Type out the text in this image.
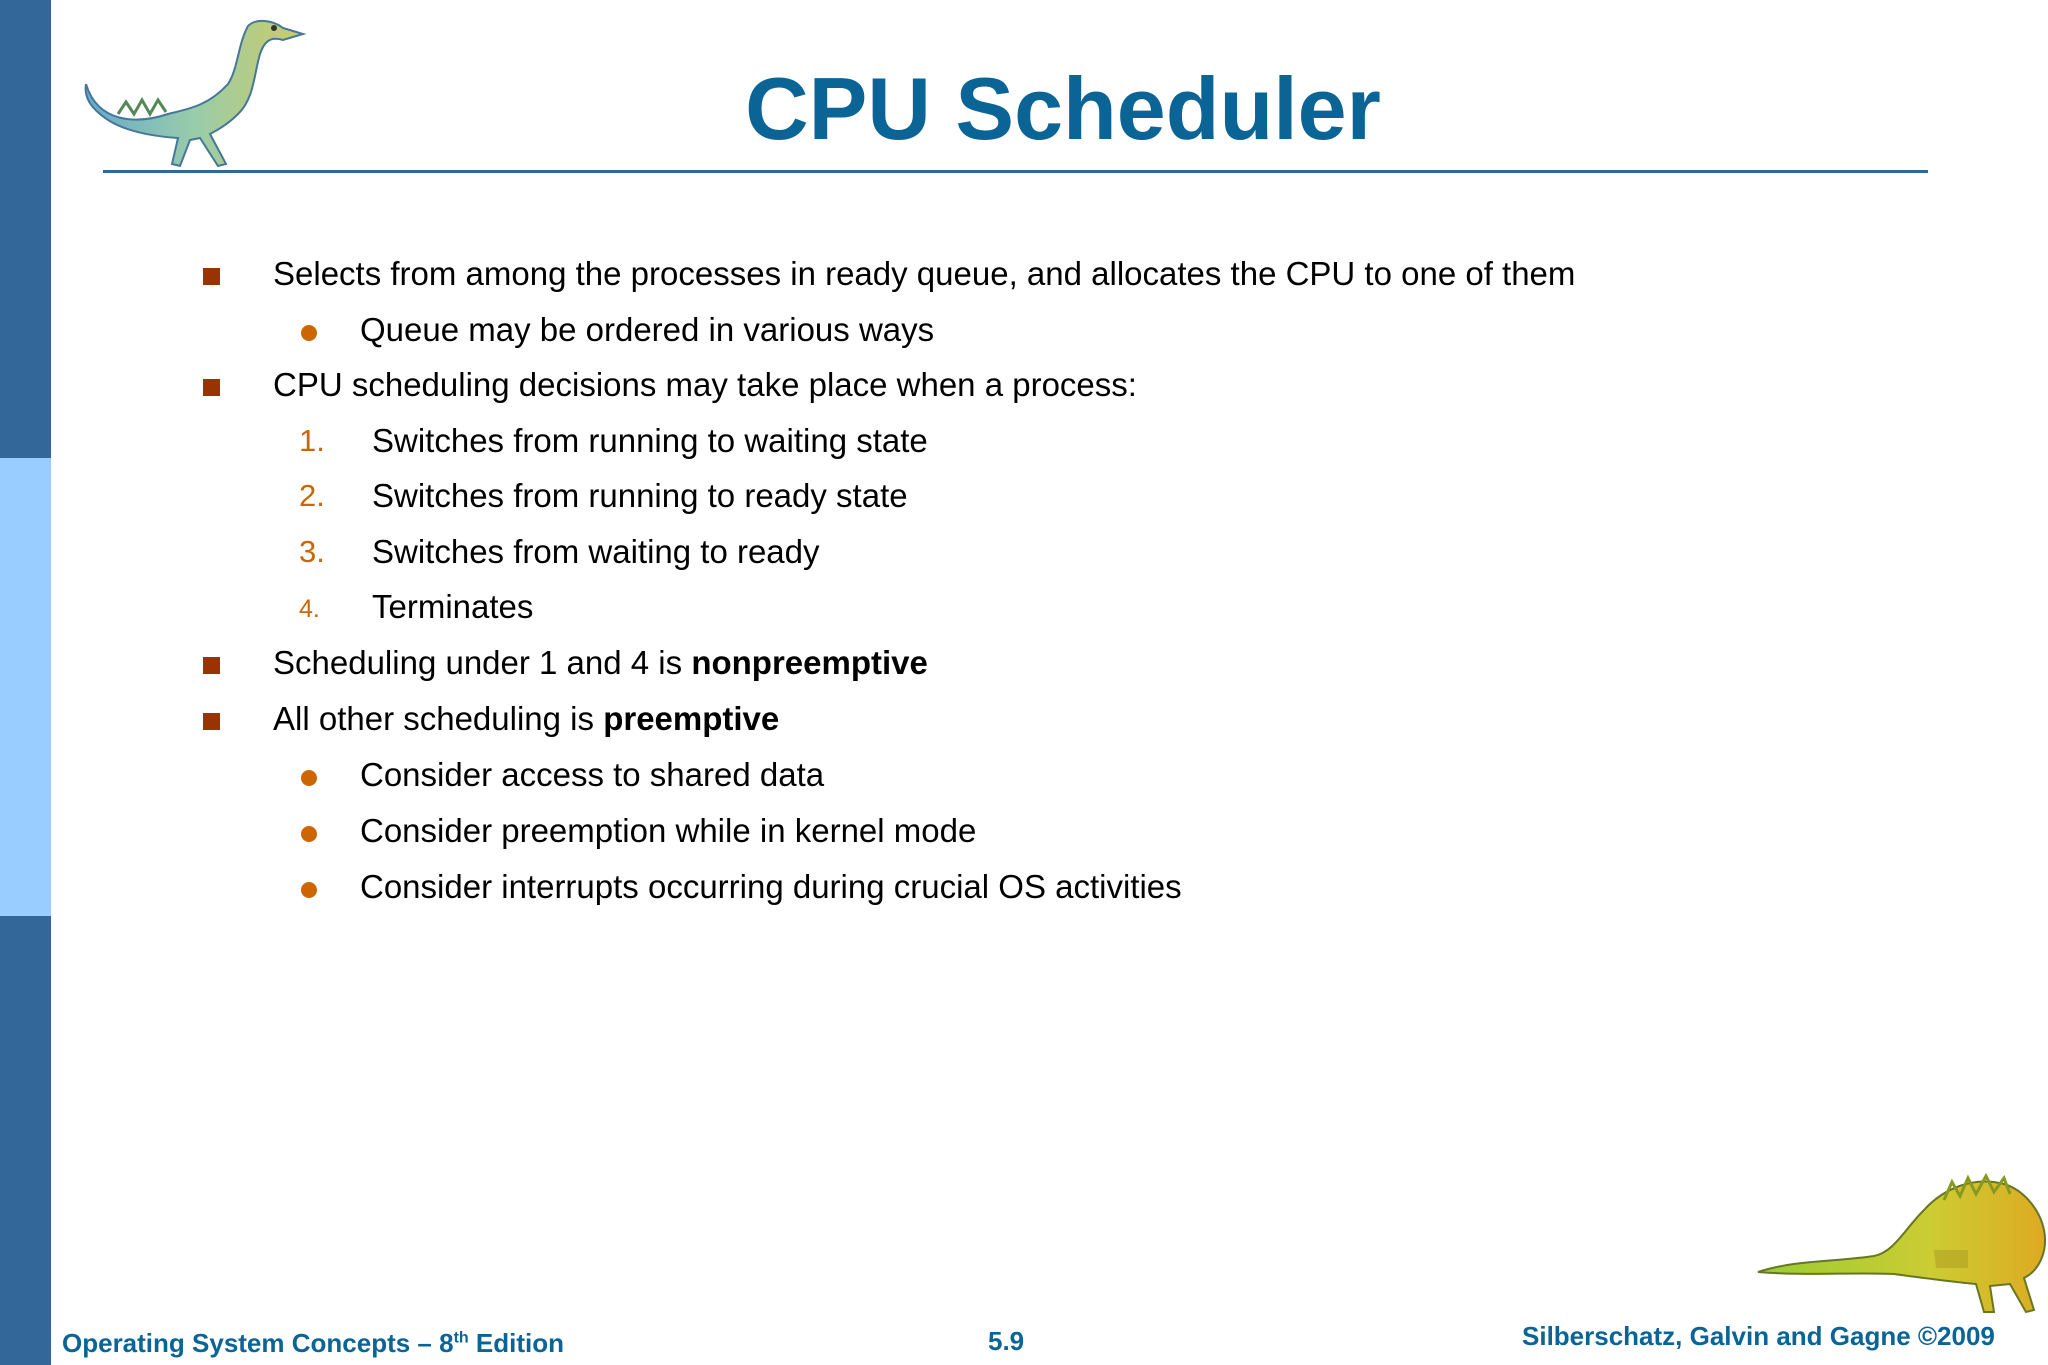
CPU Scheduler
Selects from among the processes in ready queue, and allocates the CPU to one of them
Queue may be ordered in various ways
CPU scheduling decisions may take place when a process:
1. Switches from running to waiting state
2. Switches from running to ready state
3. Switches from waiting to ready
4. Terminates
Scheduling under 1 and 4 is nonpreemptive
All other scheduling is preemptive
Consider access to shared data
Consider preemption while in kernel mode
Consider interrupts occurring during crucial OS activities
Operating System Concepts – 8th Edition	5.9	Silberschatz, Galvin and Gagne ©2009
